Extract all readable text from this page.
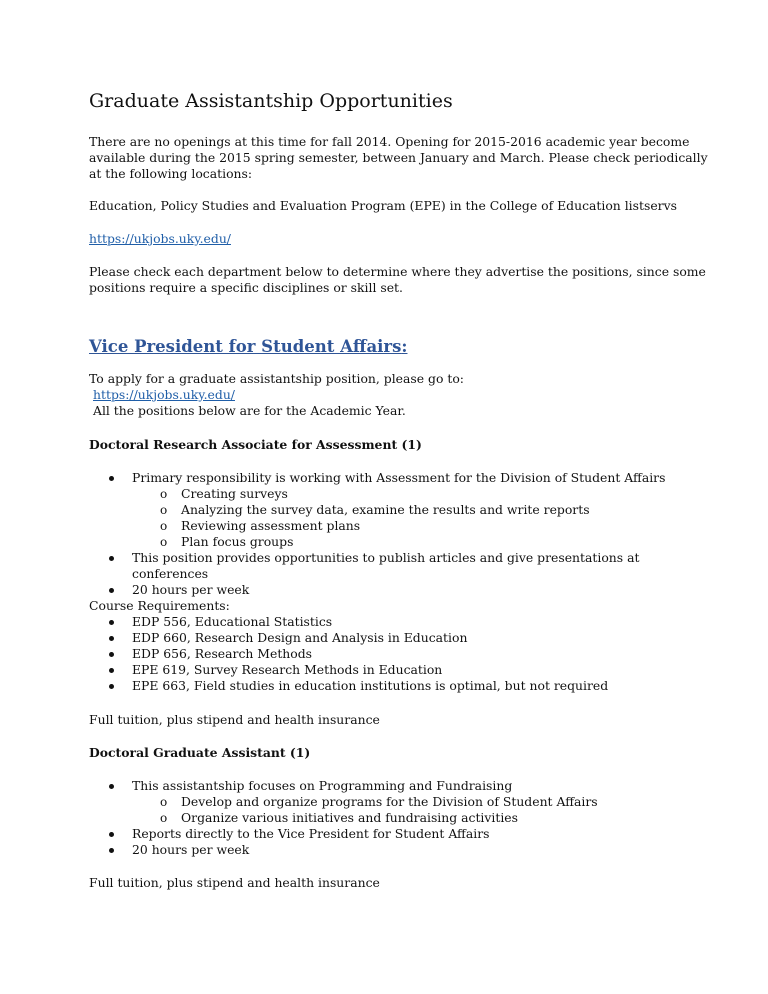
Graduate Assistantship Opportunities

There are no openings at this time for fall 2014. Opening for 2015-2016 academic year become available during the 2015 spring semester, between January and March. Please check periodically at the following locations:

Education, Policy Studies and Evaluation Program (EPE) in the College of Education listservs

https://ukjobs.uky.edu/

Please check each department below to determine where they advertise the positions, since some positions require a specific disciplines or skill set.

Vice President for Student Affairs:

To apply for a graduate assistantship position, please go to:

https://ukjobs.uky.edu/

All the positions below are for the Academic Year.

Doctoral Research Associate for Assessment (1)

Primary responsibility is working with Assessment for the Division of Student Affairs
o Creating surveys
o Analyzing the survey data, examine the results and write reports
o Reviewing assessment plans
o Plan focus groups
This position provides opportunities to publish articles and give presentations at conferences
20 hours per week

Course Requirements:

EDP 556, Educational Statistics
EDP 660, Research Design and Analysis in Education
EDP 656, Research Methods
EPE 619, Survey Research Methods in Education
EPE 663, Field studies in education institutions is optimal, but not required

Full tuition, plus stipend and health insurance

Doctoral Graduate Assistant (1)

This assistantship focuses on Programming and Fundraising
o Develop and organize programs for the Division of Student Affairs
o Organize various initiatives and fundraising activities
Reports directly to the Vice President for Student Affairs
20 hours per week

Full tuition, plus stipend and health insurance
